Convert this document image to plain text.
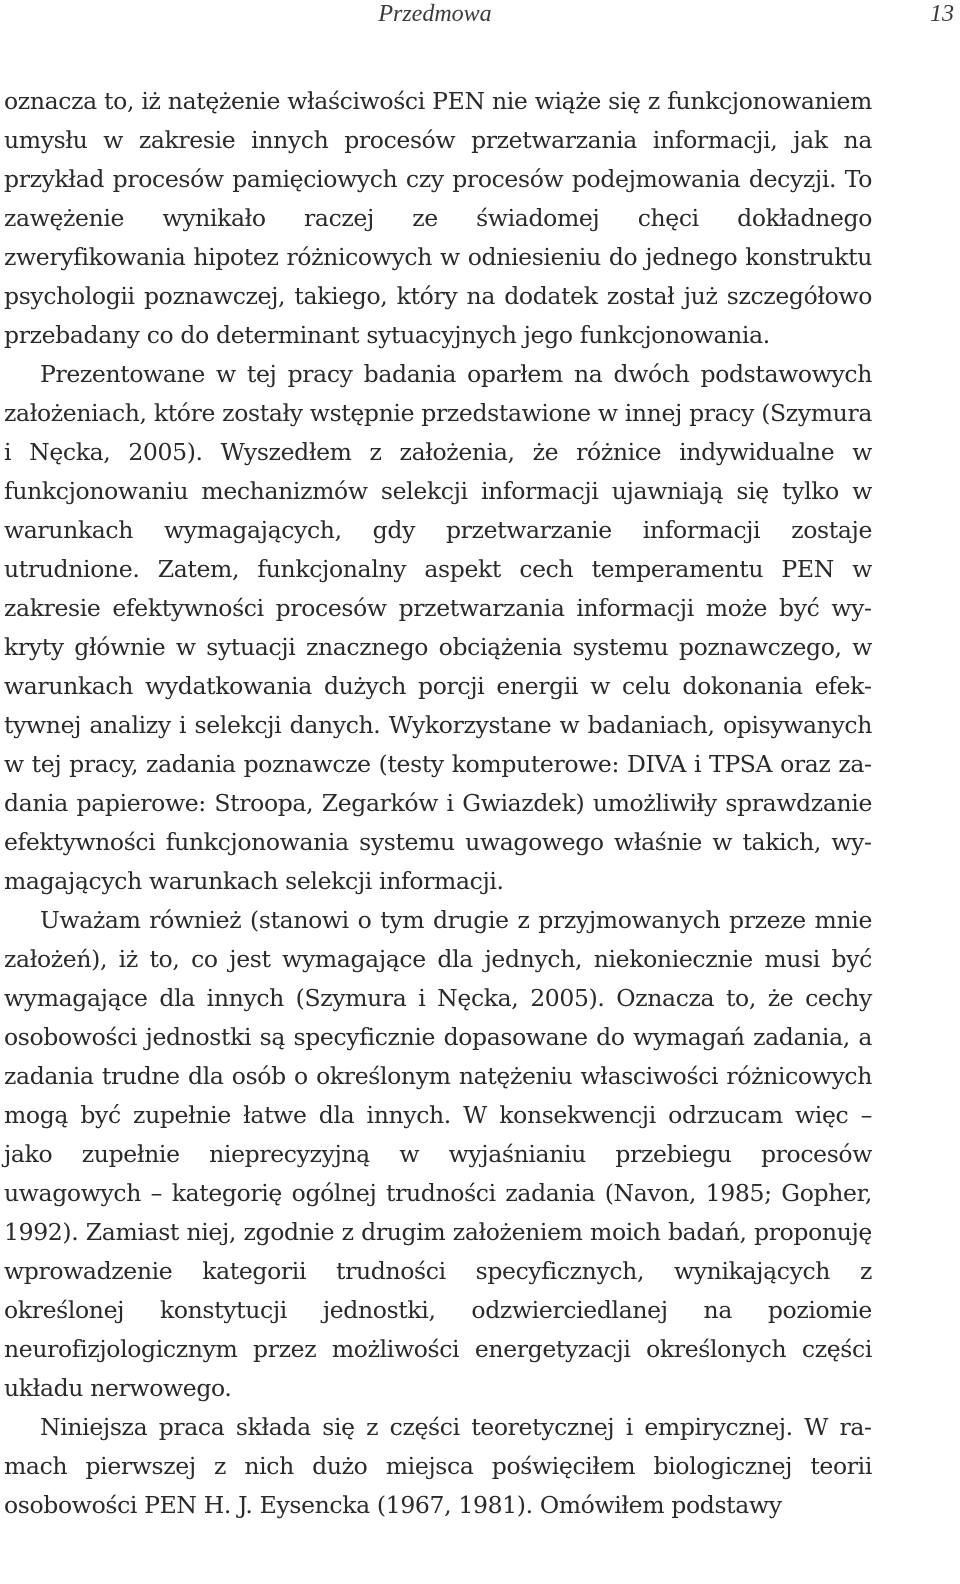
Przedmowa	13

oznacza to, iż natężenie właściwości PEN nie wiąże się z funkcjonowaniem umysłu w zakresie innych procesów przetwarzania informacji, jak na przykład procesów pamięciowych czy procesów podejmowania decyzji. To zawężenie wynikało raczej ze świadomej chęci dokładnego zweryfikowania hipotez różnicowych w odniesieniu do jednego konstruktu psychologii poznawczej, takiego, który na dodatek został już szczegółowo przebadany co do determinant sytuacyjnych jego funkcjonowania.

Prezentowane w tej pracy badania oparłem na dwóch podstawowych założeniach, które zostały wstępnie przedstawione w innej pracy (Szymura i Nęcka, 2005). Wyszedłem z założenia, że różnice indywidualne w funkcjonowaniu mechanizmów selekcji informacji ujawniają się tylko w warunkach wymagających, gdy przetwarzanie informacji zostaje utrudnione. Zatem, funkcjonalny aspekt cech temperamentu PEN w zakresie efektywności procesów przetwarzania informacji może być wykryty głównie w sytuacji znacznego obciążenia systemu poznawczego, w warunkach wydatkowania dużych porcji energii w celu dokonania efektywnej analizy i selekcji danych. Wykorzystane w badaniach, opisywanych w tej pracy, zadania poznawcze (testy komputerowe: DIVA i TPSA oraz zadania papierowe: Stroopa, Zegarków i Gwiazdek) umożliwiły sprawdzanie efektywności funkcjonowania systemu uwagowego właśnie w takich, wymagających warunkach selekcji informacji.

Uważam również (stanowi o tym drugie z przyjmowanych przeze mnie założeń), iż to, co jest wymagające dla jednych, niekoniecznie musi być wymagające dla innych (Szymura i Nęcka, 2005). Oznacza to, że cechy osobowości jednostki są specyficznie dopasowane do wymagań zadania, a zadania trudne dla osób o określonym natężeniu własciwości różnicowych mogą być zupełnie łatwe dla innych. W konsekwencji odrzucam więc – jako zupełnie nieprecyzyjną w wyjaśnianiu przebiegu procesów uwagowych – kategorię ogólnej trudności zadania (Navon, 1985; Gopher, 1992). Zamiast niej, zgodnie z drugim założeniem moich badań, proponuję wprowadzenie kategorii trudności specyficznych, wynikających z określonej konstytucji jednostki, odzwierciedlanej na poziomie neurofizjologicznym przez możliwości energetyzacji określonych części układu nerwowego.

Niniejsza praca składa się z części teoretycznej i empirycznej. W ramach pierwszej z nich dużo miejsca poświęciłem biologicznej teorii osobowości PEN H. J. Eysencka (1967, 1981). Omówiłem podstawy
